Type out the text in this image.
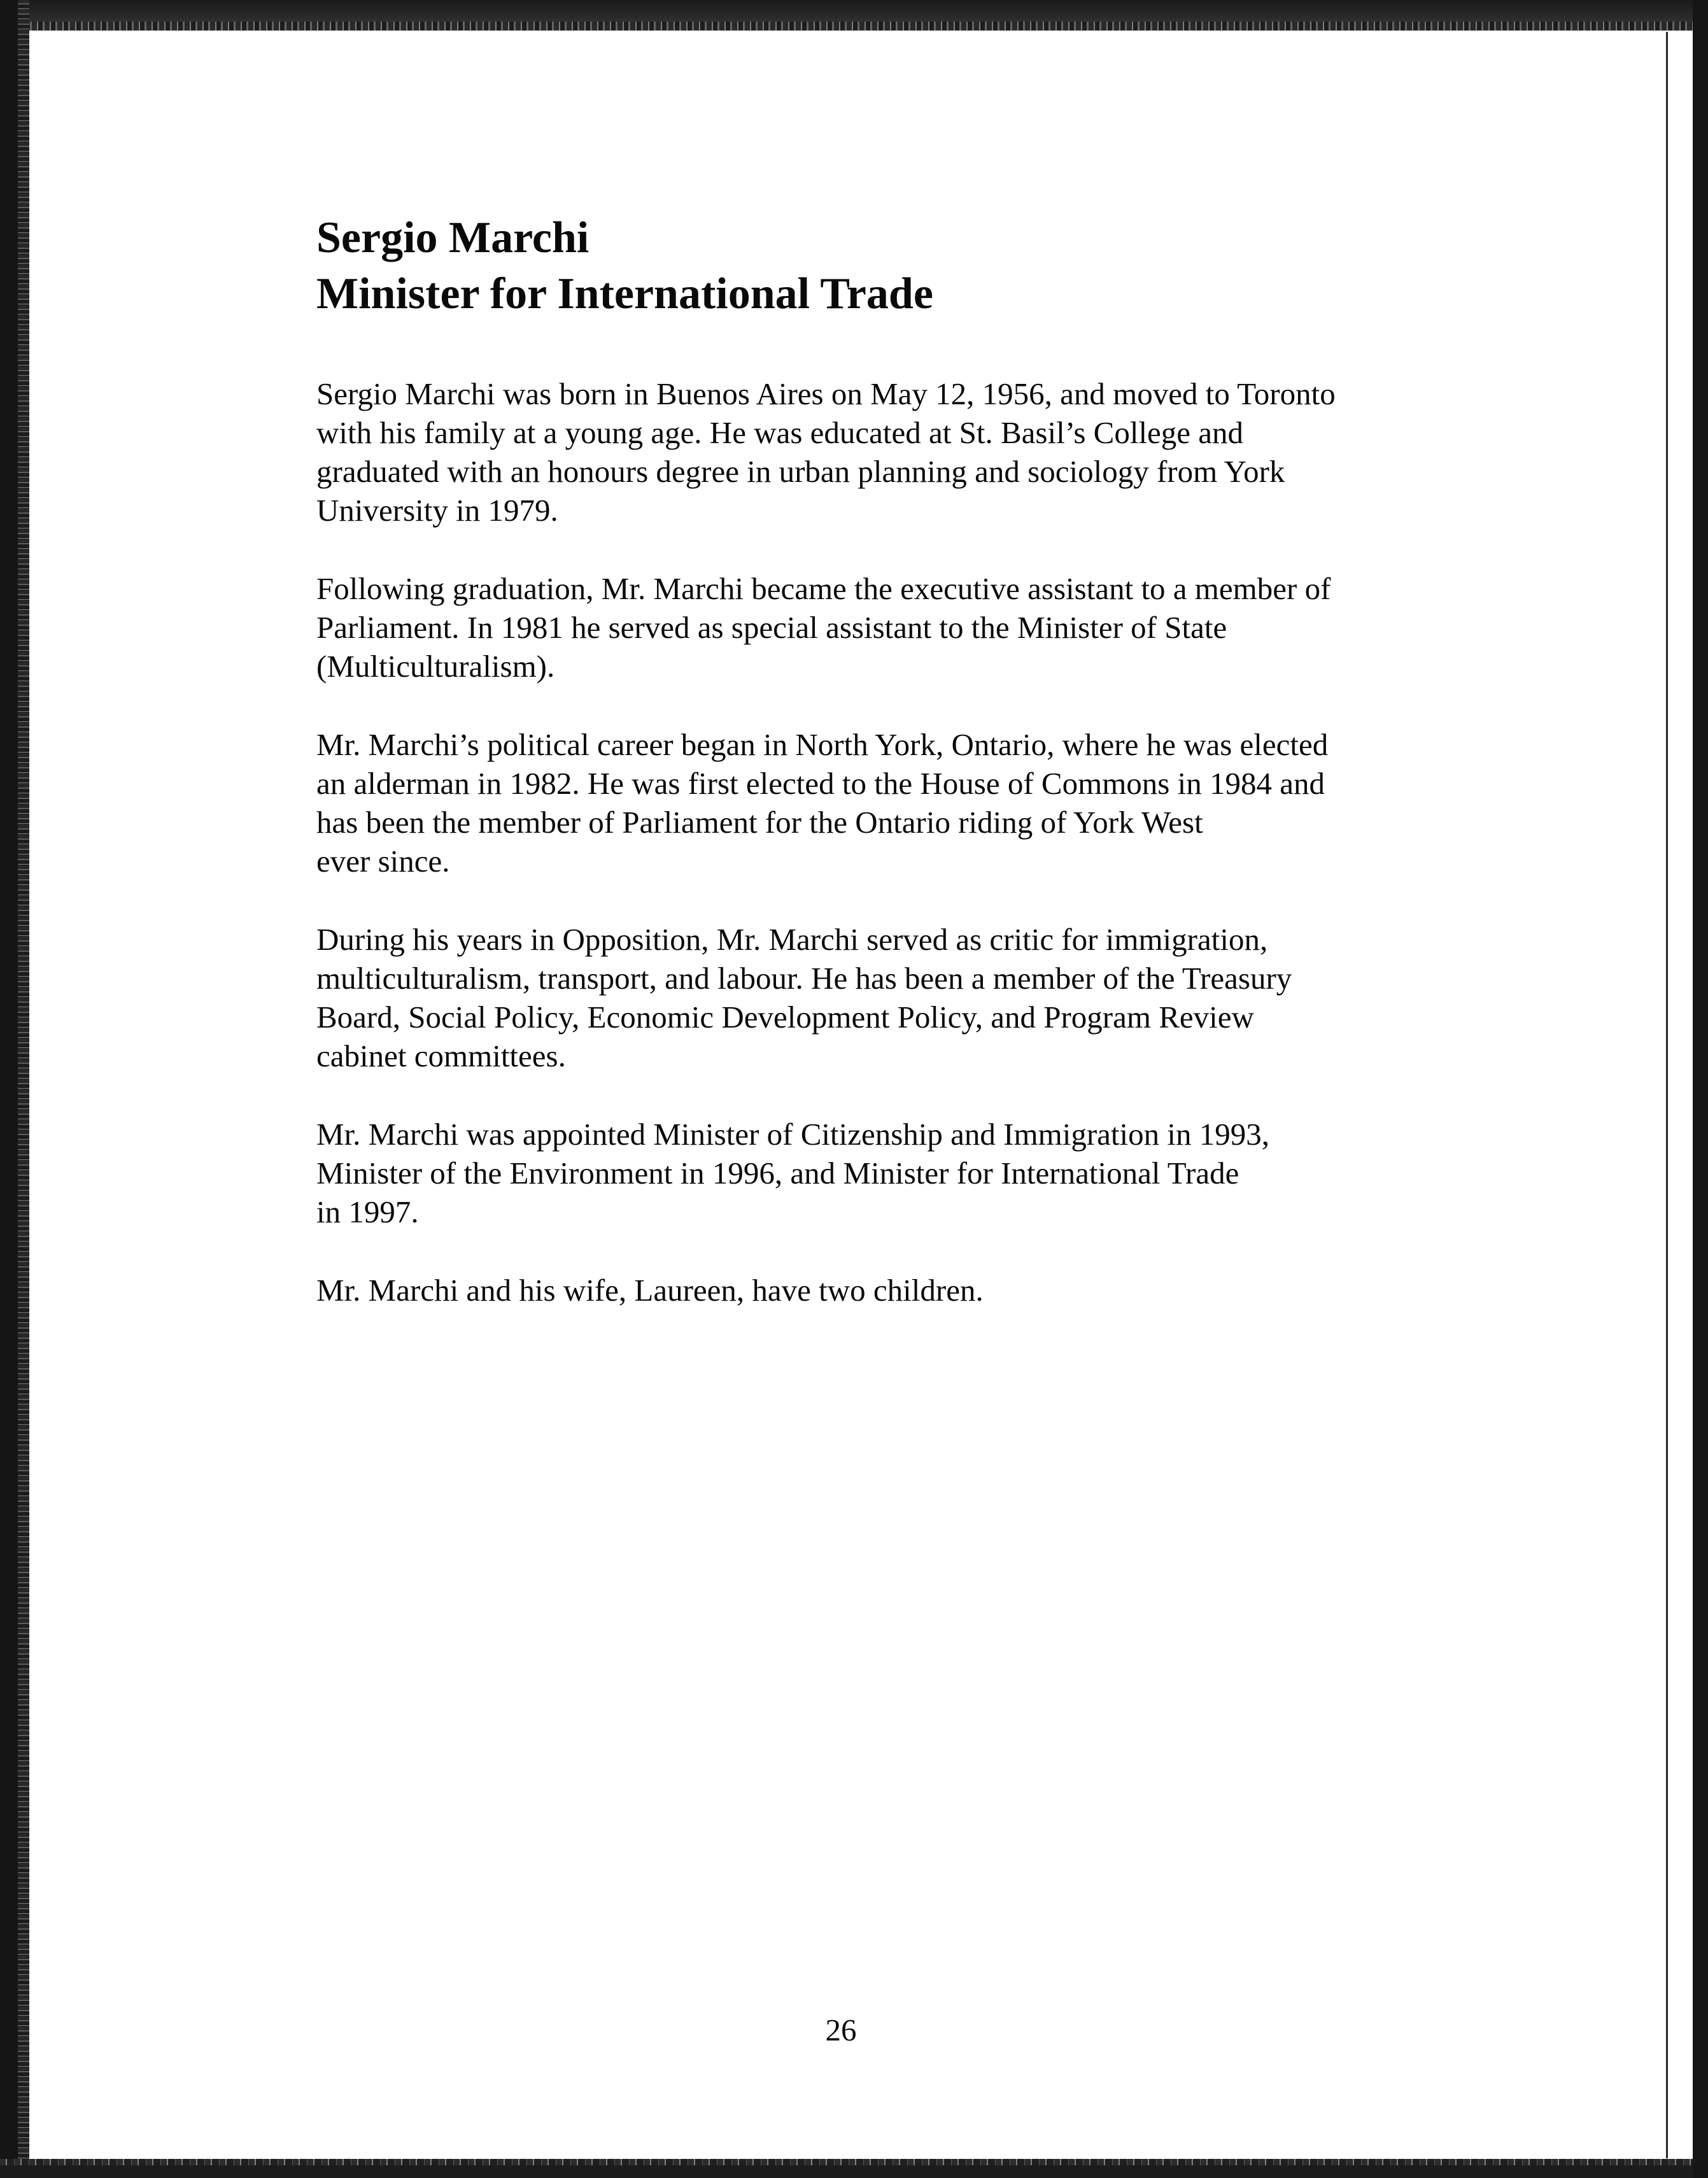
Sergio Marchi
Minister for International Trade

Sergio Marchi was born in Buenos Aires on May 12, 1956, and moved to Toronto
with his family at a young age. He was educated at St. Basil’s College and
graduated with an honours degree in urban planning and sociology from York
University in 1979.

Following graduation, Mr. Marchi became the executive assistant to a member of
Parliament. In 1981 he served as special assistant to the Minister of State
(Multiculturalism).

Mr. Marchi’s political career began in North York, Ontario, where he was elected
an alderman in 1982. He was first elected to the House of Commons in 1984 and
has been the member of Parliament for the Ontario riding of York West
ever since.

During his years in Opposition, Mr. Marchi served as critic for immigration,
multiculturalism, transport, and labour. He has been a member of the Treasury
Board, Social Policy, Economic Development Policy, and Program Review
cabinet committees.

Mr. Marchi was appointed Minister of Citizenship and Immigration in 1993,
Minister of the Environment in 1996, and Minister for International Trade
in 1997.

Mr. Marchi and his wife, Laureen, have two children.

26
